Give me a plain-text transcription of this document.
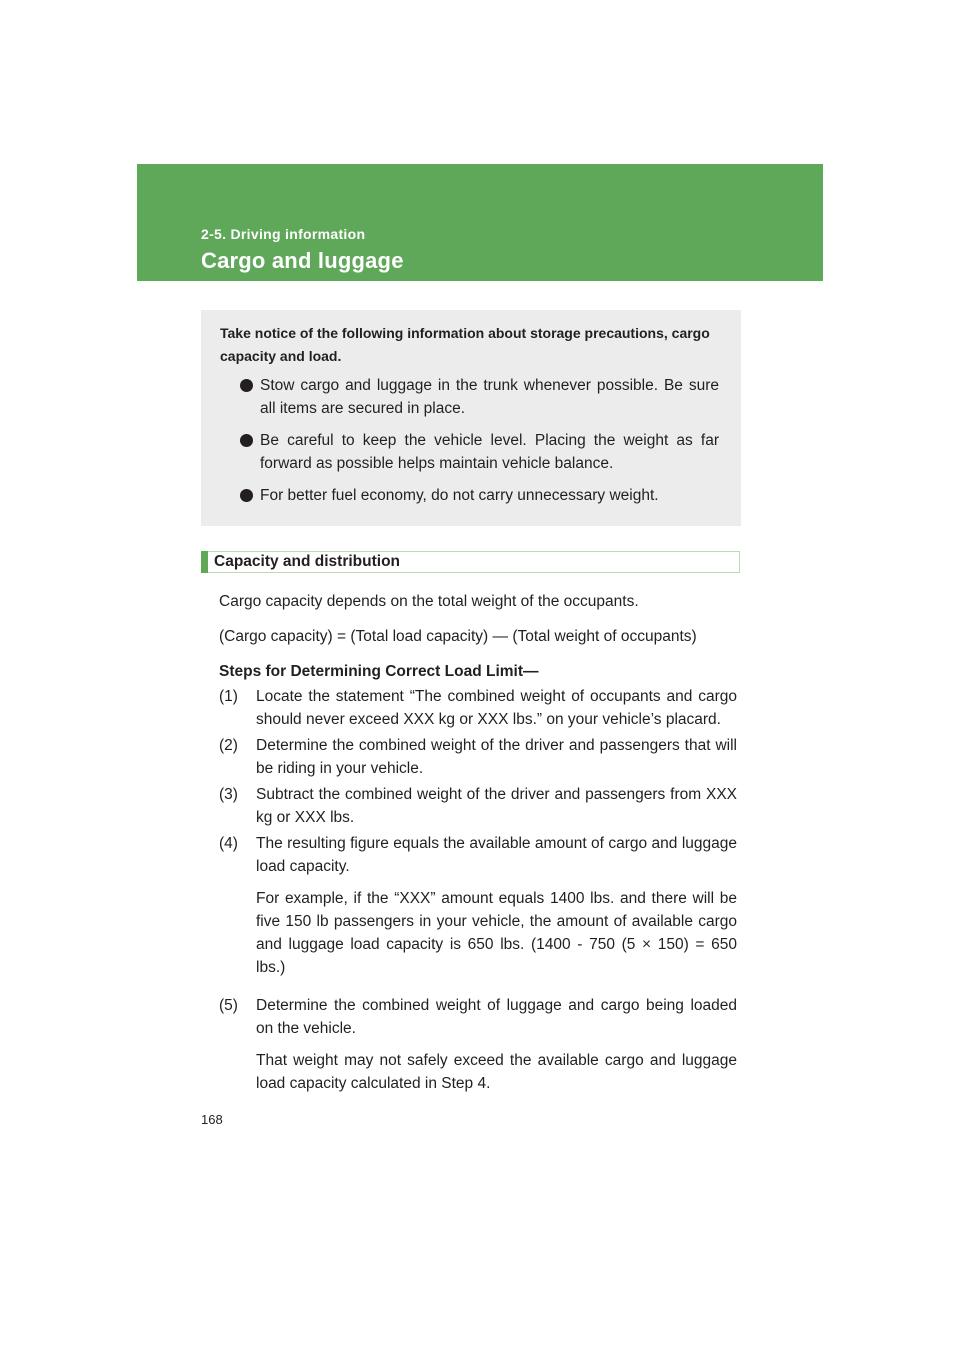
2-5. Driving information
Cargo and luggage

Take notice of the following information about storage precautions, cargo capacity and load.

Stow cargo and luggage in the trunk whenever possible. Be sure all items are secured in place.
Be careful to keep the vehicle level. Placing the weight as far forward as possible helps maintain vehicle balance.
For better fuel economy, do not carry unnecessary weight.
Capacity and distribution

Cargo capacity depends on the total weight of the occupants.

(Cargo capacity) = (Total load capacity) — (Total weight of occupants)

Steps for Determining Correct Load Limit—

(1)	Locate the statement “The combined weight of occupants and cargo should never exceed XXX kg or XXX lbs.” on your vehicle’s placard.

(2)	Determine the combined weight of the driver and passengers that will be riding in your vehicle.

(3)	Subtract the combined weight of the driver and passengers from XXX kg or XXX lbs.

(4)	The resulting figure equals the available amount of cargo and luggage load capacity.

For example, if the “XXX” amount equals 1400 lbs. and there will be five 150 lb passengers in your vehicle, the amount of available cargo and luggage load capacity is 650 lbs. (1400 - 750 (5 × 150) = 650 lbs.)

(5)	Determine the combined weight of luggage and cargo being loaded on the vehicle.

That weight may not safely exceed the available cargo and luggage load capacity calculated in Step 4.

168
